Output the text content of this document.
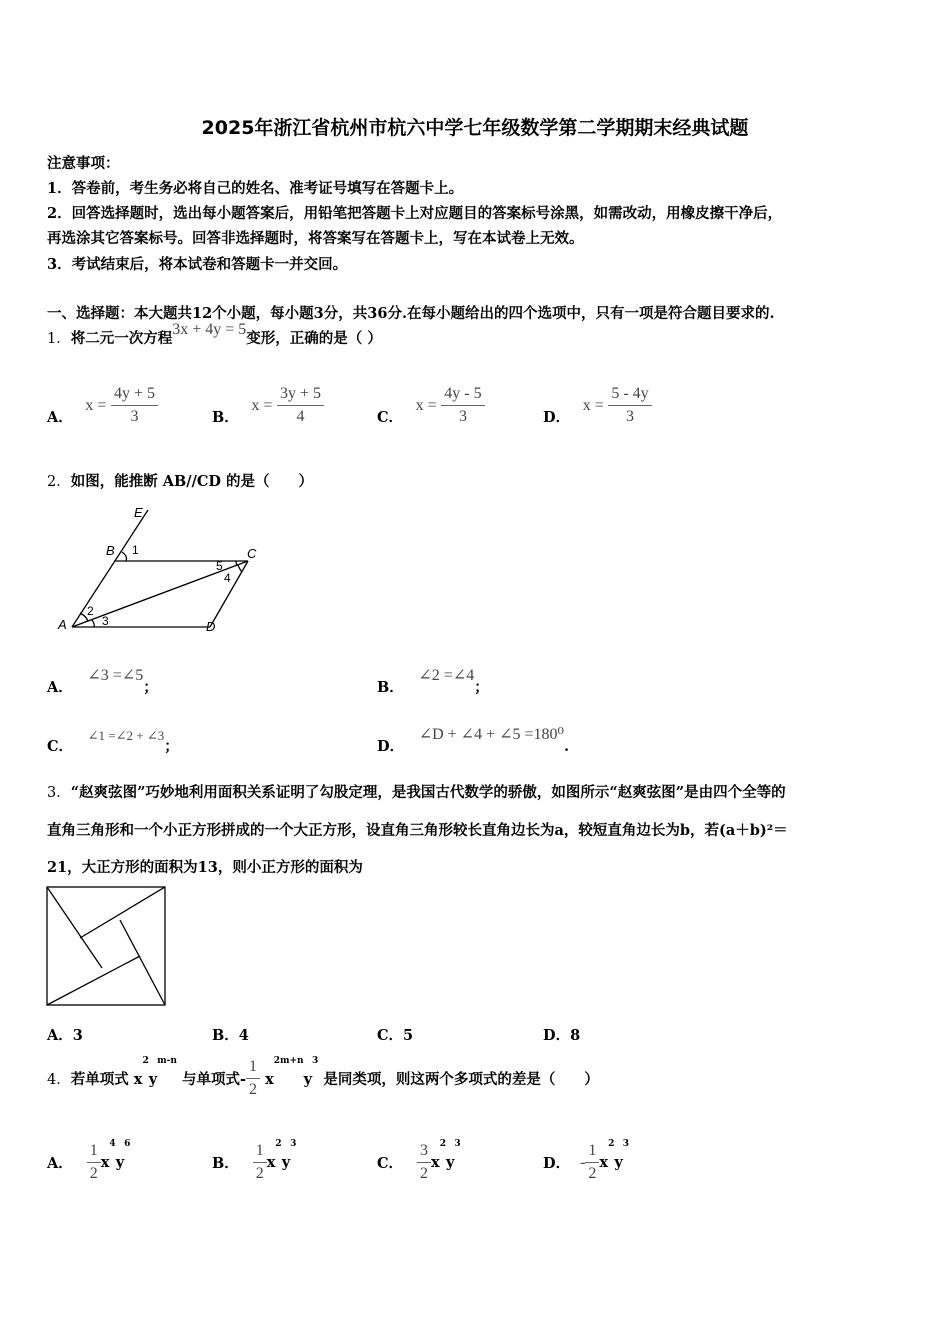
2025年浙江省杭州市杭六中学七年级数学第二学期期末经典试题
注意事项：
1．答卷前，考生务必将自己的姓名、准考证号填写在答题卡上。
2．回答选择题时，选出每小题答案后，用铅笔把答题卡上对应题目的答案标号涂黑，如需改动，用橡皮擦干净后，
再选涂其它答案标号。回答非选择题时，将答案写在答题卡上，写在本试卷上无效。
3．考试结束后，将本试卷和答题卡一并交回。
一、选择题：本大题共12个小题，每小题3分，共36分.在每小题给出的四个选项中，只有一项是符合题目要求的.
1．将二元一次方程3x + 4y = 5变形，正确的是（ ）
A． $x = \frac{4y + 5}{3}$	B． $x = \frac{3y + 5}{4}$	C． $x = \frac{4y - 5}{3}$	D． $x = \frac{5 - 4y}{3}$
2．如图，能推断 AB//CD 的是（　　）
E
B	C
A	D
1
2
3
4
5
A． ∠3 =∠5；	B． ∠2 =∠4；
C． ∠1 =∠2 + ∠3；	D． ∠D + ∠4 + ∠5 =180⁰.
3．“赵爽弦图”巧妙地利用面积关系证明了勾股定理，是我国古代数学的骄傲，如图所示“赵爽弦图”是由四个全等的
直角三角形和一个小正方形拼成的一个大正方形，设直角三角形较长直角边长为a，较短直角边长为b，若(a＋b)²＝
21，大正方形的面积为13，则小正方形的面积为
A．3	B．4	C．5	D．8
4．若单项式 $x^2y^{m-n}$ 与单项式- $\frac{1}{2} x^{2m+n}y^3$ 是同类项，则这两个多项式的差是（　　）
A． $\frac{1}{2} x^4y^6$
B． $\frac{1}{2} x^2y^3$
C． $\frac{3}{2} x^2y^3$
D． - $\frac{1}{2} x^2y^3$
